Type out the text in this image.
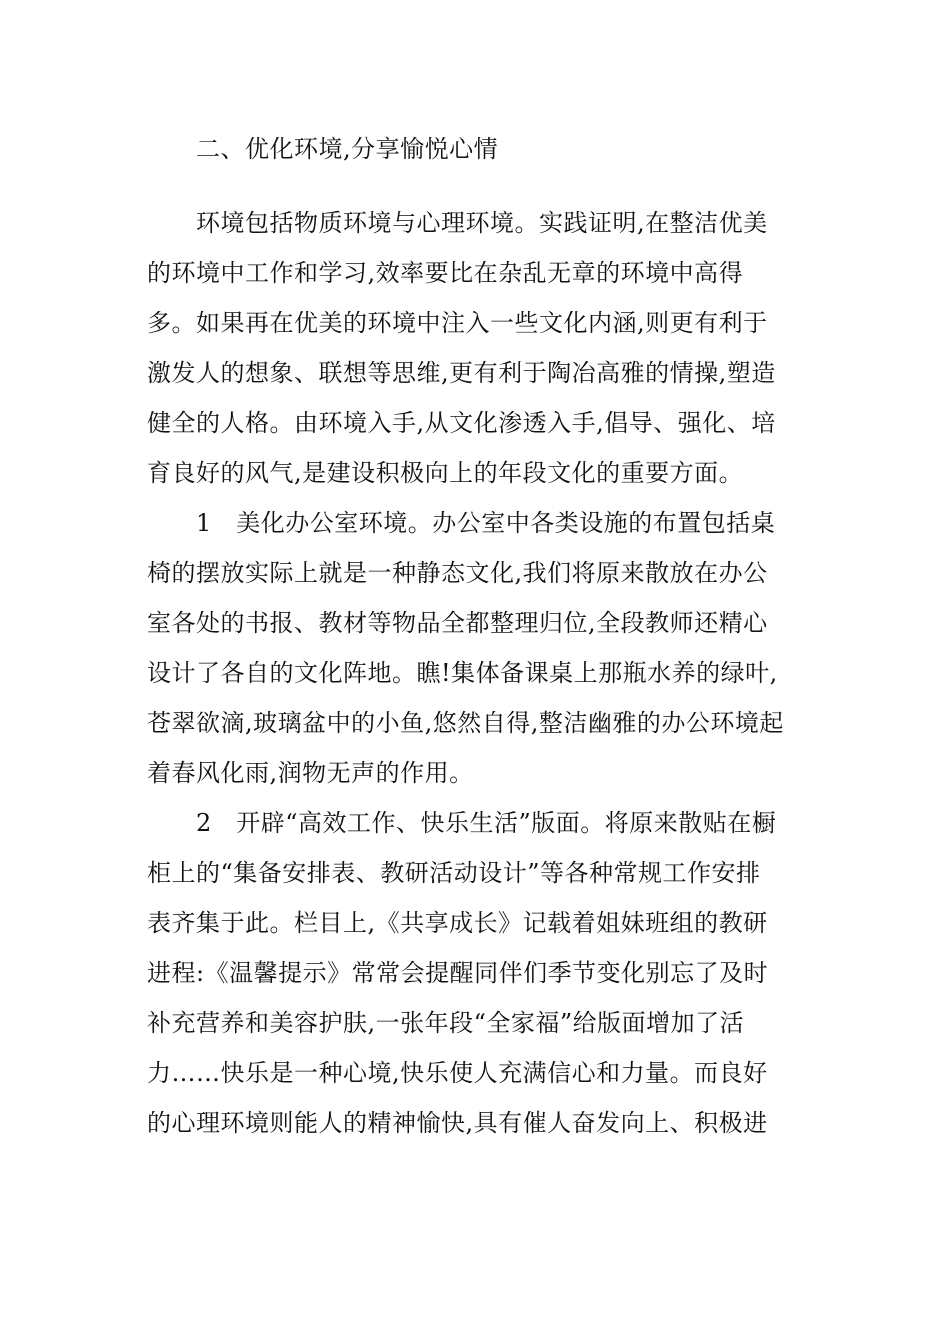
二、优化环境,分享愉悦心情
环境包括物质环境与心理环境。实践证明,在整洁优美
的环境中工作和学习,效率要比在杂乱无章的环境中高得
多。如果再在优美的环境中注入一些文化内涵,则更有利于
激发人的想象、联想等思维,更有利于陶冶高雅的情操,塑造
健全的人格。由环境入手,从文化渗透入手,倡导、强化、培
育良好的风气,是建设积极向上的年段文化的重要方面。
1　美化办公室环境。办公室中各类设施的布置包括桌
椅的摆放实际上就是一种静态文化,我们将原来散放在办公
室各处的书报、教材等物品全都整理归位,全段教师还精心
设计了各自的文化阵地。瞧!集体备课桌上那瓶水养的绿叶,
苍翠欲滴,玻璃盆中的小鱼,悠然自得,整洁幽雅的办公环境起
着春风化雨,润物无声的作用。
2　开辟“高效工作、快乐生活”版面。将原来散贴在橱
柜上的“集备安排表、教研活动设计”等各种常规工作安排
表齐集于此。栏目上,《共享成长》记载着姐妹班组的教研
进程:《温馨提示》常常会提醒同伴们季节变化别忘了及时
补充营养和美容护肤,一张年段“全家福”给版面增加了活
力……快乐是一种心境,快乐使人充满信心和力量。而良好
的心理环境则能人的精神愉快,具有催人奋发向上、积极进
